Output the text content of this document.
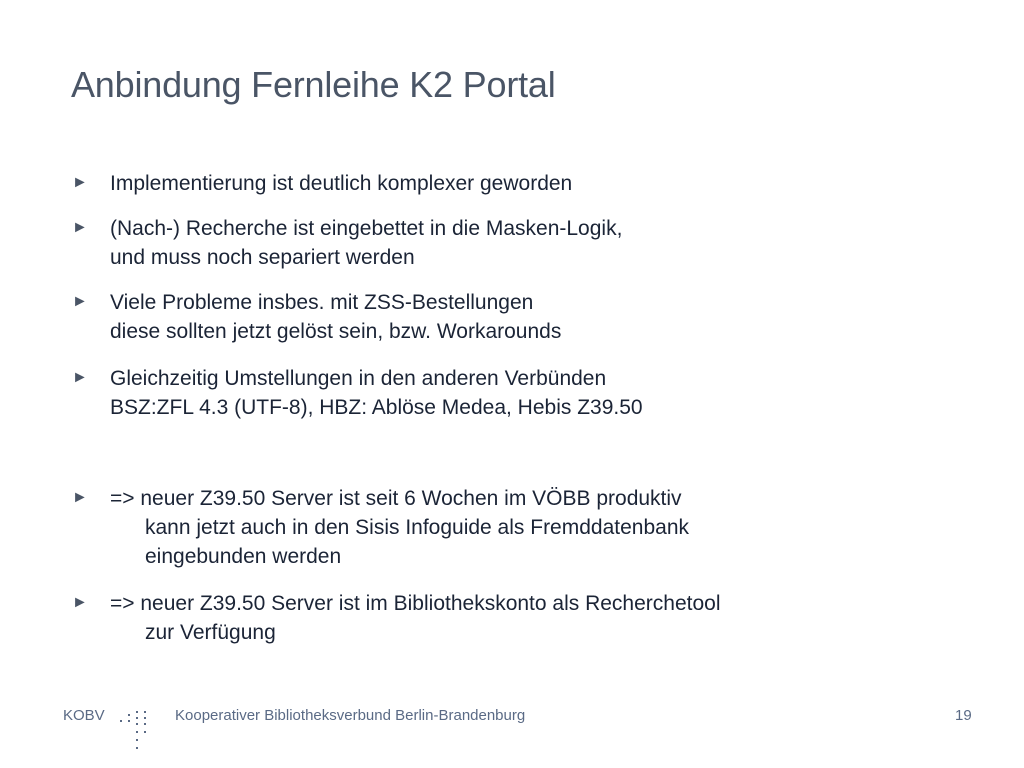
Anbindung Fernleihe K2 Portal
► Implementierung ist deutlich komplexer geworden
► (Nach-) Recherche ist eingebettet in die Masken-Logik,
und muss noch separiert werden
► Viele Probleme insbes. mit ZSS-Bestellungen
diese sollten jetzt gelöst sein, bzw. Workarounds
► Gleichzeitig Umstellungen in den anderen Verbünden
BSZ:ZFL 4.3 (UTF-8), HBZ: Ablöse Medea, Hebis Z39.50
► => neuer Z39.50 Server ist seit 6 Wochen im VÖBB produktiv
kann jetzt auch in den Sisis Infoguide als Fremddatenbank
eingebunden werden
► => neuer Z39.50 Server ist im Bibliothekskonto als Recherchetool
zur Verfügung
KOBV	Kooperativer Bibliotheksverbund Berlin-Brandenburg	19
